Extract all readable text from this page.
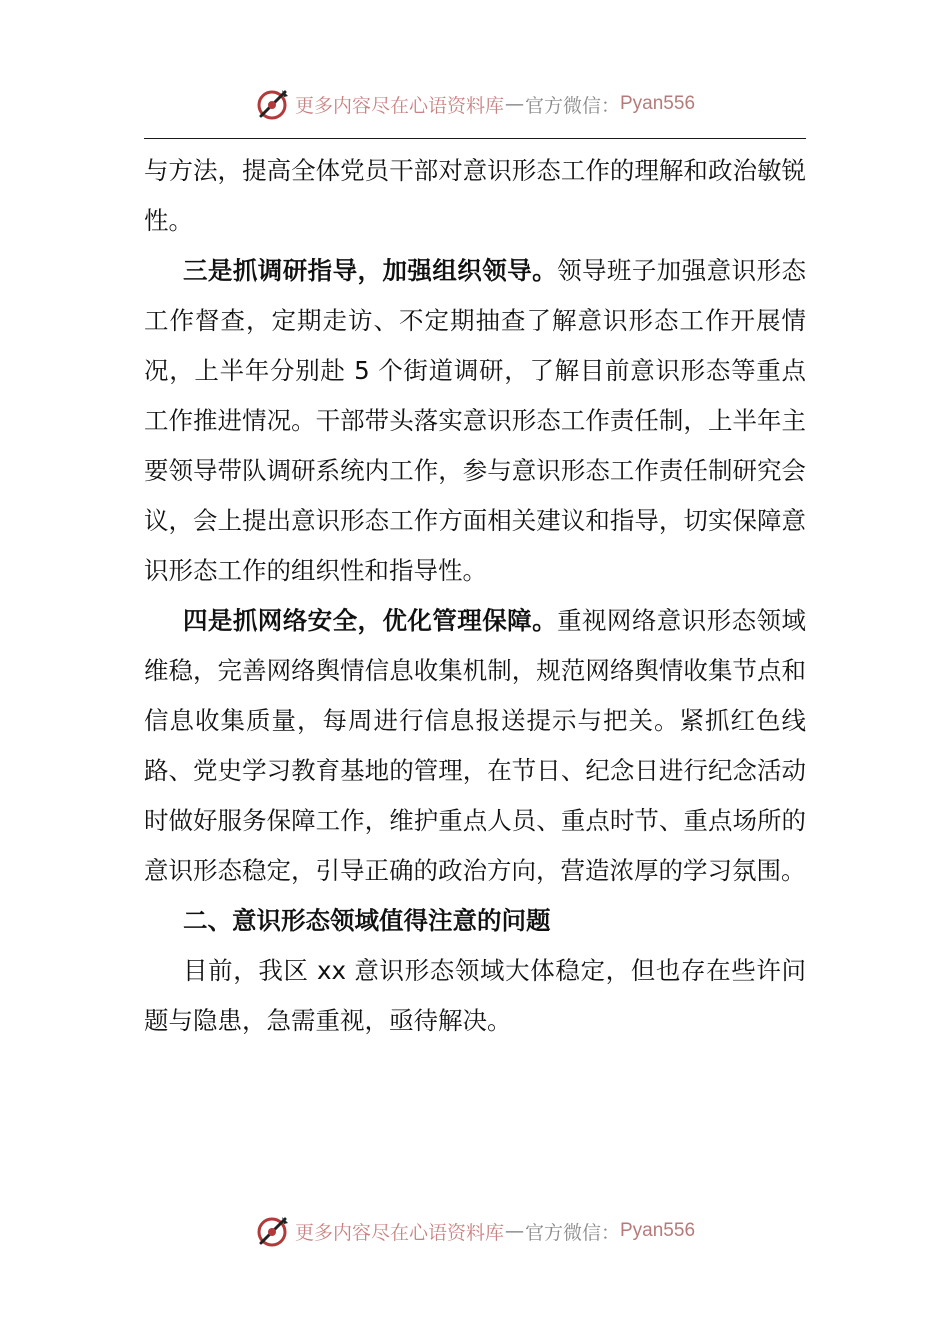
更多内容尽在心语资料库 — 官方微信： Pyan556

与方法，提高全体党员干部对意识形态工作的理解和政治敏锐性。

三是抓调研指导，加强组织领导。领导班子加强意识形态工作督查，定期走访、不定期抽查了解意识形态工作开展情况，上半年分别赴 5 个街道调研，了解目前意识形态等重点工作推进情况。干部带头落实意识形态工作责任制，上半年主要领导带队调研系统内工作，参与意识形态工作责任制研究会议，会上提出意识形态工作方面相关建议和指导，切实保障意识形态工作的组织性和指导性。

四是抓网络安全，优化管理保障。重视网络意识形态领域维稳，完善网络舆情信息收集机制，规范网络舆情收集节点和信息收集质量，每周进行信息报送提示与把关。紧抓红色线路、党史学习教育基地的管理，在节日、纪念日进行纪念活动时做好服务保障工作，维护重点人员、重点时节、重点场所的意识形态稳定，引导正确的政治方向，营造浓厚的学习氛围。

二、意识形态领域值得注意的问题

目前，我区 xx 意识形态领域大体稳定，但也存在些许问题与隐患，急需重视，亟待解决。

更多内容尽在心语资料库 — 官方微信： Pyan556
